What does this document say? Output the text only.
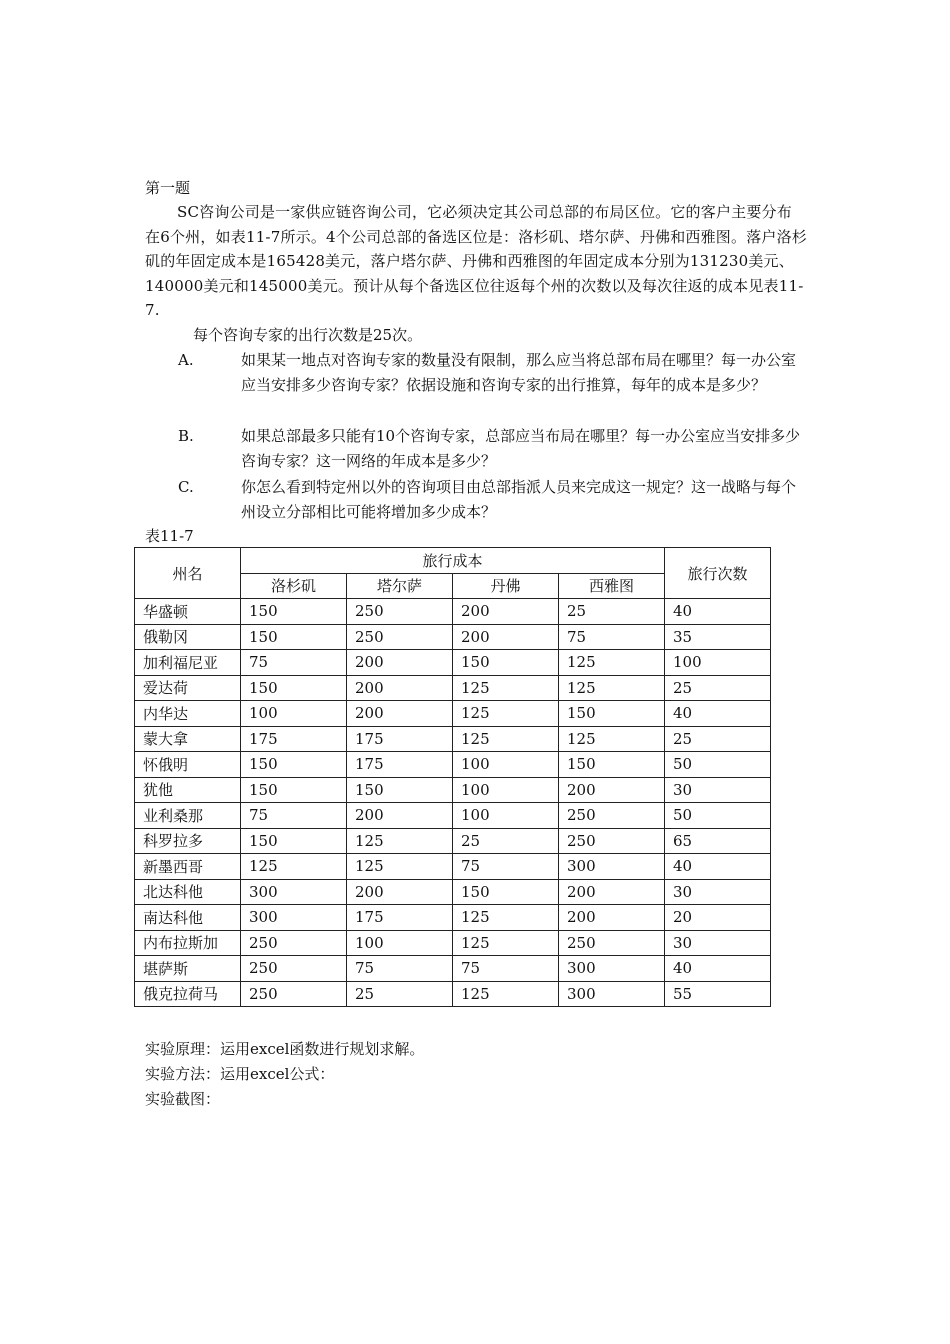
第一题
SC咨询公司是一家供应链咨询公司，它必须决定其公司总部的布局区位。它的客户主要分布在6个州，如表11-7所示。4个公司总部的备选区位是：洛杉矶、塔尔萨、丹佛和西雅图。落户洛杉矶的年固定成本是165428美元，落户塔尔萨、丹佛和西雅图的年固定成本分别为131230美元、140000美元和145000美元。预计从每个备选区位往返每个州的次数以及每次往返的成本见表11-7.
每个咨询专家的出行次数是25次。
A.	如果某一地点对咨询专家的数量没有限制，那么应当将总部布局在哪里？每一办公室应当安排多少咨询专家？依据设施和咨询专家的出行推算，每年的成本是多少？
B.	如果总部最多只能有10个咨询专家，总部应当布局在哪里？每一办公室应当安排多少咨询专家？这一网络的年成本是多少？
C.	你怎么看到特定州以外的咨询项目由总部指派人员来完成这一规定？这一战略与每个州设立分部相比可能将增加多少成本？
表11-7
州名	旅行成本				旅行次数
	洛杉矶	塔尔萨	丹佛	西雅图	
华盛顿	150	250	200	25	40
俄勒冈	150	250	200	75	35
加利福尼亚	75	200	150	125	100
爱达荷	150	200	125	125	25
内华达	100	200	125	150	40
蒙大拿	175	175	125	125	25
怀俄明	150	175	100	150	50
犹他	150	150	100	200	30
业利桑那	75	200	100	250	50
科罗拉多	150	125	25	250	65
新墨西哥	125	125	75	300	40
北达科他	300	200	150	200	30
南达科他	300	175	125	200	20
内布拉斯加	250	100	125	250	30
堪萨斯	250	75	75	300	40
俄克拉荷马	250	25	125	300	55
实验原理：运用excel函数进行规划求解。
实验方法：运用excel公式：
实验截图：
